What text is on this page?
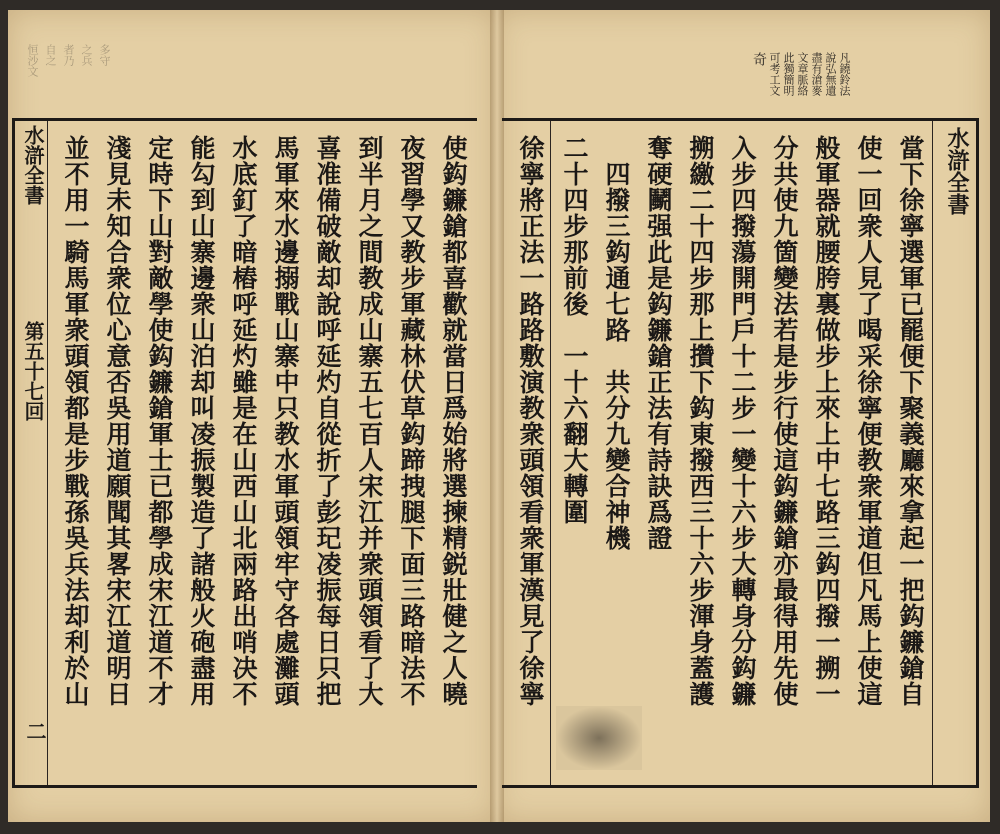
恒沙文 自之 者乃 之兵 多守	凡鐃鈴法
說弘無遺
盡有滄麥
文章脈絡
此獨簡明
可考工文
奇
水滸全書
當下徐寧選軍已罷便下聚義廳來拿起一把鈎鐮鎗自
使一回衆人見了喝采徐寧便教衆軍道但凡馬上使這
般軍器就腰胯裏做步上來上中七路三鈎四撥一搠一
分共使九箇變法若是步行使這鈎鐮鎗亦最得用先使
入步四撥蕩開門戶十二步一變十六步大轉身分鈎鐮
搠繳二十四步那上攢下鈎東撥西三十六步渾身蓋護
奪硬鬭强此是鈎鐮鎗正法有詩訣爲證
　四撥三鈎通七路　共分九變合神機
二十四步那前後　一十六翻大轉圍
徐寧將正法一路路敷演教衆頭領看衆軍漢見了徐寧
使鈎鐮鎗都喜歡就當日爲始將選揀精鋭壯健之人曉
夜習學又教步軍藏林伏草鈎蹄拽腿下面三路暗法不
到半月之間教成山寨五七百人宋江并衆頭領看了大
喜准備破敵却說呼延灼自從折了彭玘凌振每日只把
馬軍來水邊搦戰山寨中只教水軍頭領牢守各處灘頭
水底釘了暗樁呼延灼雖是在山西山北兩路出哨决不
能勾到山寨邊衆山泊却叫凌振製造了諸般火砲盡用
定時下山對敵學使鈎鐮鎗軍士已都學成宋江道不才
淺見未知合衆位心意否吳用道願聞其畧宋江道明日
並不用一騎馬軍衆頭領都是步戰孫吳兵法却利於山
水滸全書
第五十七回
二
